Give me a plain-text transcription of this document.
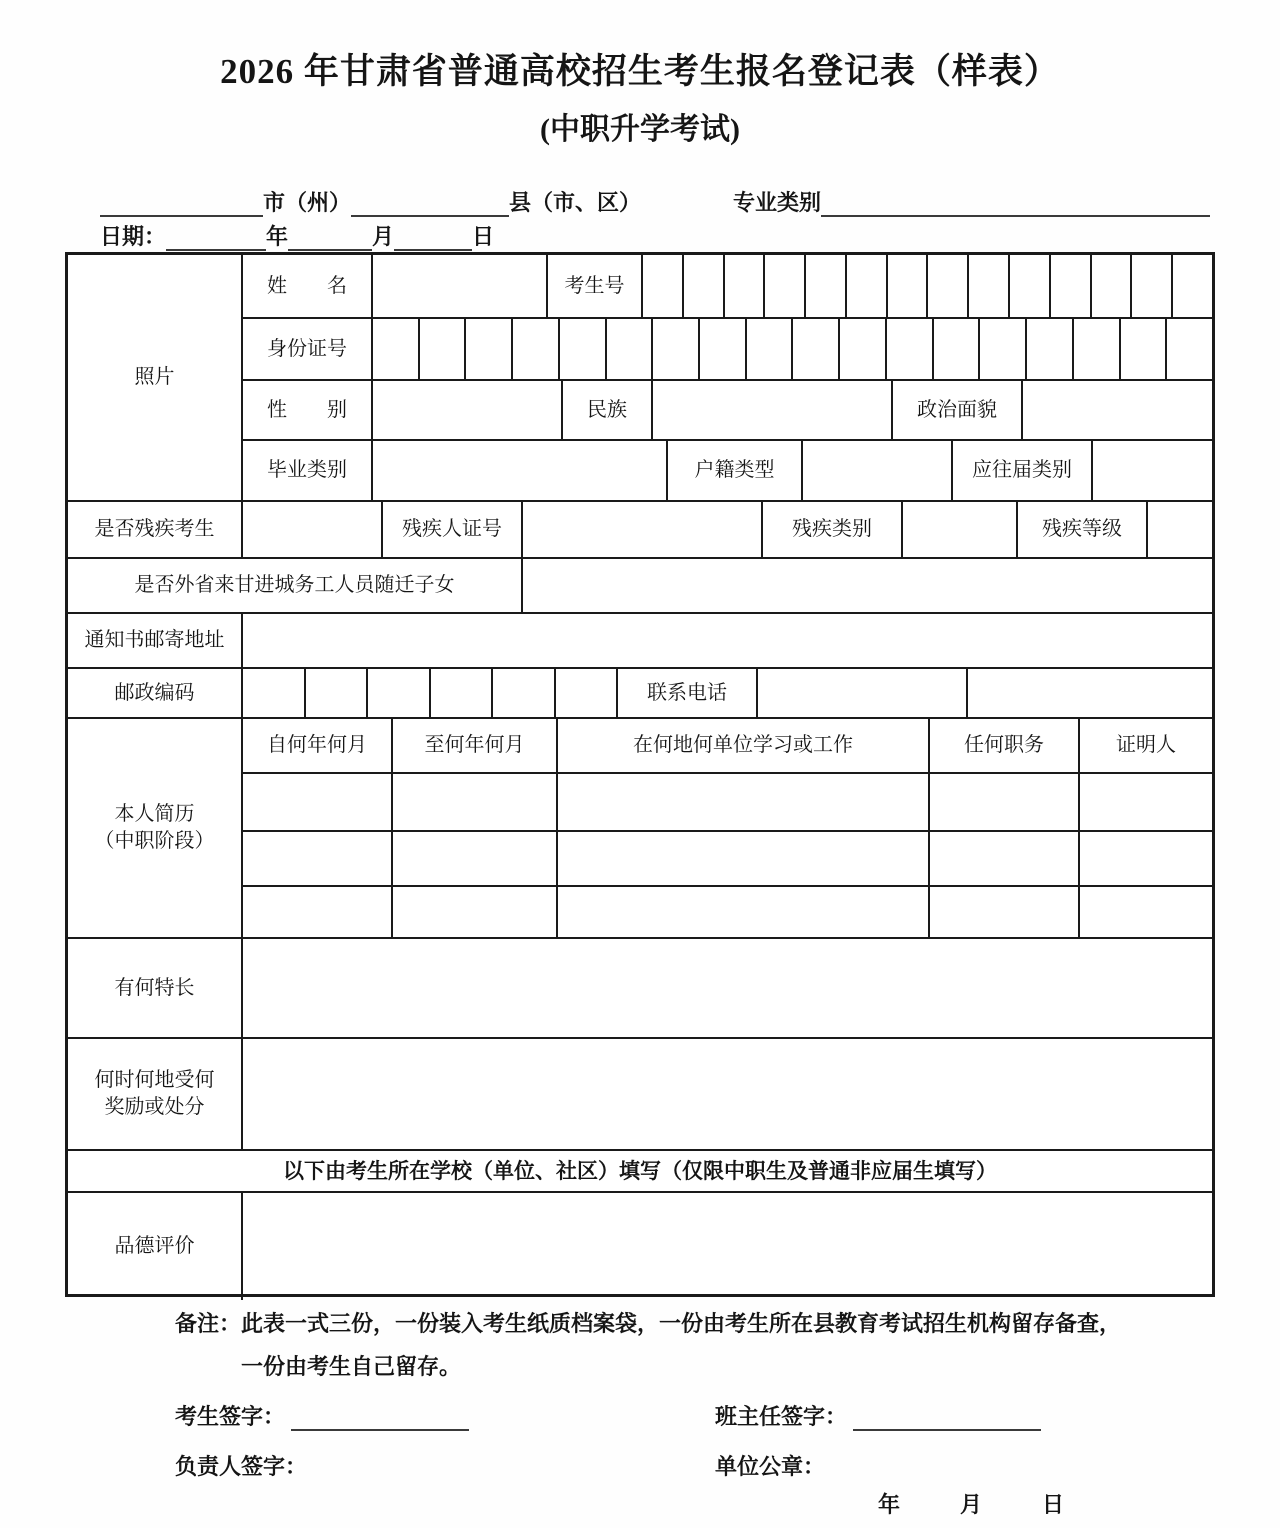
2026 年甘肃省普通高校招生考生报名登记表（样表）
(中职升学考试)
市（州）	县（市、区）	专业类别
日期：	年	月	日
照片
姓　　名	考生号
身份证号
性　　别	民族	政治面貌
毕业类别	户籍类型	应往届类别
是否残疾考生	残疾人证号	残疾类别	残疾等级
是否外省来甘进城务工人员随迁子女
通知书邮寄地址
邮政编码	联系电话
本人简历
（中职阶段）
自何年何月	至何年何月	在何地何单位学习或工作	任何职务	证明人
有何特长
何时何地受何
奖励或处分
以下由考生所在学校（单位、社区）填写（仅限中职生及普通非应届生填写）
品德评价
备注：此表一式三份，一份装入考生纸质档案袋，一份由考生所在县教育考试招生机构留存备查，
一份由考生自己留存。
考生签字：	班主任签字：
负责人签字：	单位公章：
年	月	日
